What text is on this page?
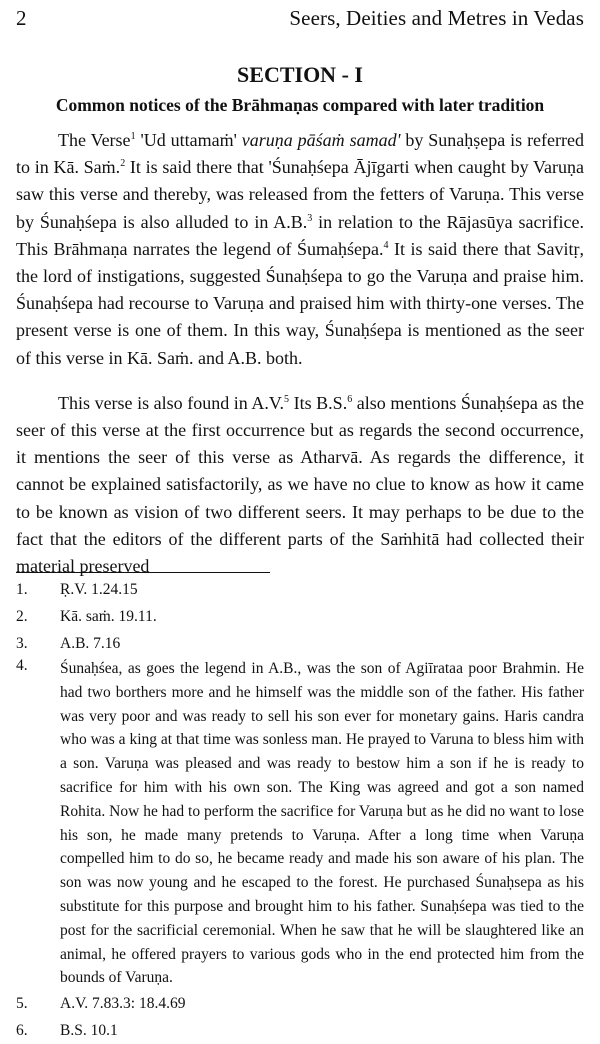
2	Seers, Deities and Metres in Vedas
SECTION - I
Common notices of the Brāhmaṇas compared with later tradition

The Verse$^1$ 'Ud uttamaṁ' varuṇa pāśaṁ samad' by Sunaḥṣepa is referred to in Kā. Saṁ.$^2$ It is said there that 'Śunaḥśepa Ājīgarti when caught by Varuṇa saw this verse and thereby, was released from the fetters of Varuṇa. This verse by Śunaḥśepa is also alluded to in A.B.$^3$ in relation to the Rājasūya sacrifice. This Brāhmaṇa narrates the legend of Śumaḥśepa.$^4$ It is said there that Savitṛ, the lord of instigations, suggested Śunaḥśepa to go the Varuṇa and praise him. Śunaḥśepa had recourse to Varuṇa and praised him with thirty-one verses. The present verse is one of them. In this way, Śunaḥśepa is mentioned as the seer of this verse in Kā. Saṁ. and A.B. both.

This verse is also found in A.V.$^5$ Its B.S.$^6$ also mentions Śunaḥśepa as the seer of this verse at the first occurrence but as regards the second occurrence, it mentions the seer of this verse as Atharvā. As regards the difference, it cannot be explained satisfactorily, as we have no clue to know as how it came to be known as vision of two different seers. It may perhaps to be due to the fact that the editors of the different parts of the Saṁhitā had collected their material preserved

1.	Ṛ.V. 1.24.15
2.	Kā. saṁ. 19.11.
3.	A.B. 7.16
4.	Śunaḥśea, as goes the legend in A.B., was the son of Agiīrataa poor Brahmin. He had two borthers more and he himself was the middle son of the father. His father was very poor and was ready to sell his son ever for monetary gains. Haris candra who was a king at that time was sonless man. He prayed to Varuna to bless him with a son. Varuṇa was pleased and was ready to bestow him a son if he is ready to sacrifice for him with his own son. The King was agreed and got a son named Rohita. Now he had to perform the sacrifice for Varuṇa but as he did no want to lose his son, he made many pretends to Varuṇa. After a long time when Varuṇa compelled him to do so, he became ready and made his son aware of his plan. The son was now young and he escaped to the forest. He purchased Śunaḥsepa as his substitute for this purpose and brought him to his father. Sunaḥśepa was tied to the post for the sacrificial ceremonial. When he saw that he will be slaughtered like an animal, he offered prayers to various gods who in the end protected him from the bounds of Varuṇa.
5.	A.V. 7.83.3: 18.4.69
6.	B.S. 10.1
